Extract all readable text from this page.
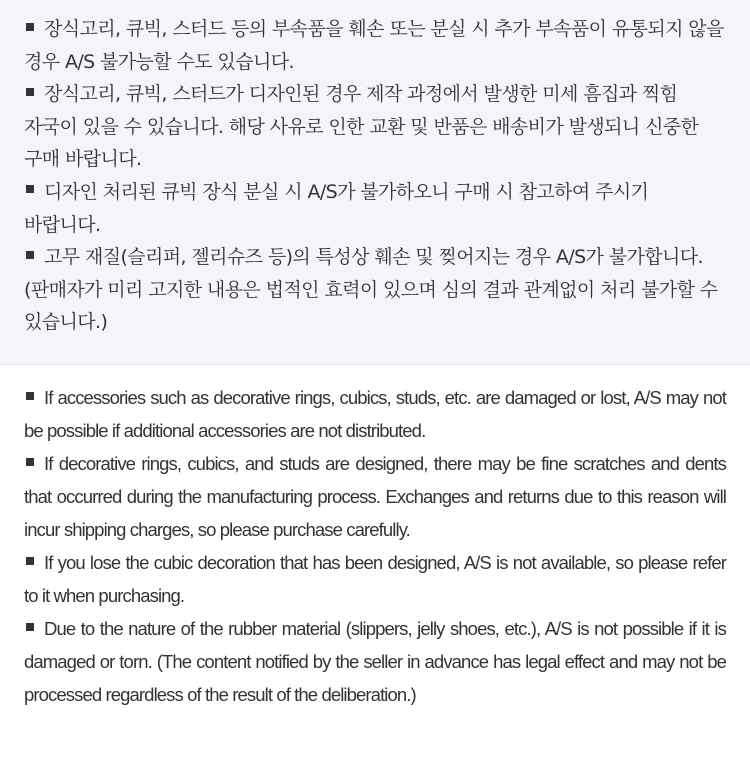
장식고리, 큐빅, 스터드 등의 부속품을 훼손 또는 분실 시 추가 부속품이 유통되지 않을 경우 A/S 불가능할 수도 있습니다.

장식고리, 큐빅, 스터드가 디자인된 경우 제작 과정에서 발생한 미세 흠집과 찍힘 자국이 있을 수 있습니다. 해당 사유로 인한 교환 및 반품은 배송비가 발생되니 신중한 구매 바랍니다.

디자인 처리된 큐빅 장식 분실 시 A/S가 불가하오니 구매 시 참고하여 주시기 바랍니다.

고무 재질(슬리퍼, 젤리슈즈 등)의 특성상 훼손 및 찢어지는 경우 A/S가 불가합니다. (판매자가 미리 고지한 내용은 법적인 효력이 있으며 심의 결과 관계없이 처리 불가할 수 있습니다.)

If accessories such as decorative rings, cubics, studs, etc. are damaged or lost, A/S may not be possible if additional accessories are not distributed.

If decorative rings, cubics, and studs are designed, there may be fine scratches and dents that occurred during the manufacturing process. Exchanges and returns due to this reason will incur shipping charges, so please purchase carefully.

If you lose the cubic decoration that has been designed, A/S is not available, so please refer to it when purchasing.

Due to the nature of the rubber material (slippers, jelly shoes, etc.), A/S is not possible if it is damaged or torn. (The content notified by the seller in advance has legal effect and may not be processed regardless of the result of the deliberation.)
